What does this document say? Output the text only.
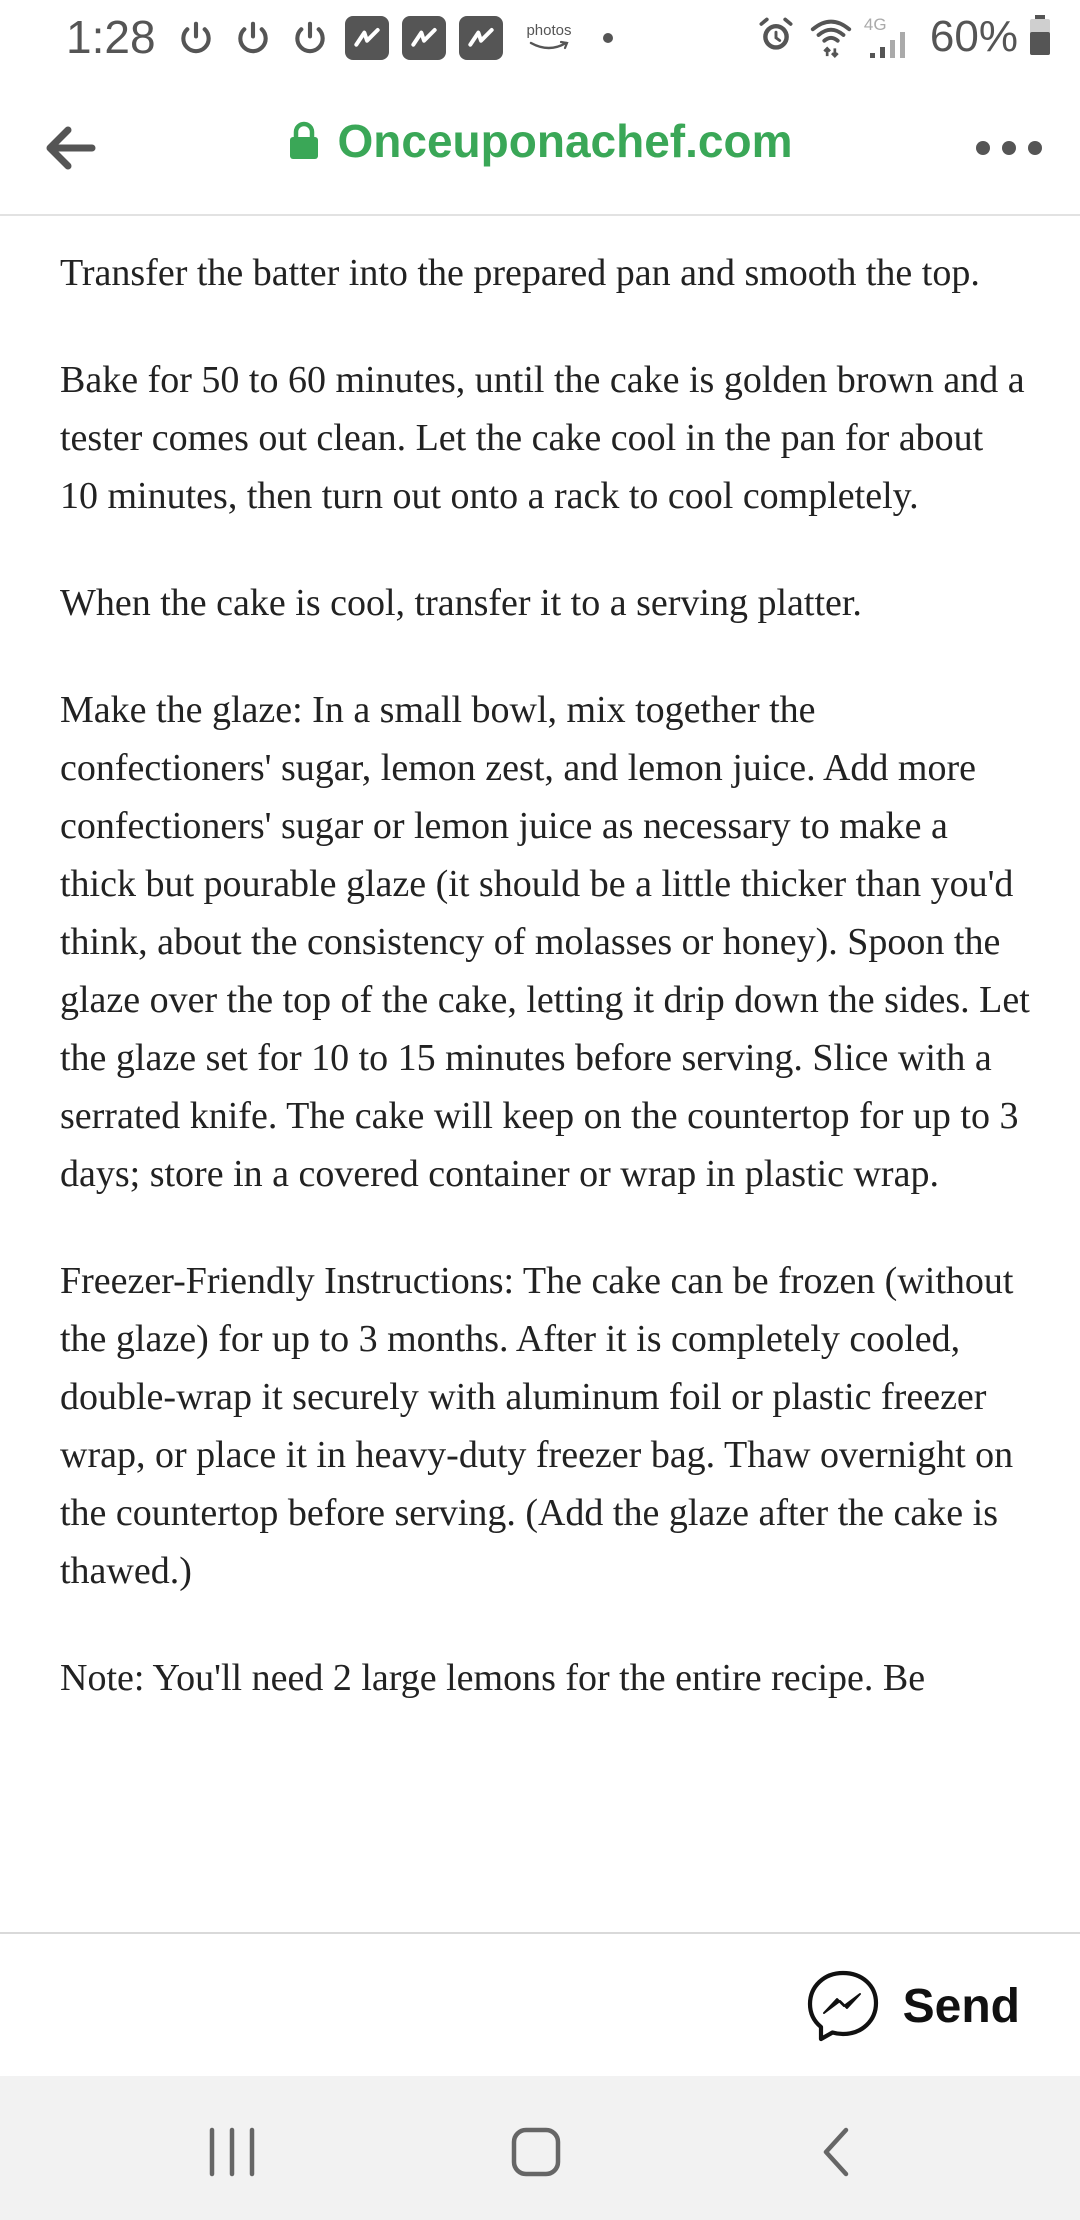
1:28	photos	4G 60%
Onceuponachef.com

Transfer the batter into the prepared pan and smooth the top.

Bake for 50 to 60 minutes, until the cake is golden brown and a tester comes out clean. Let the cake cool in the pan for about 10 minutes, then turn out onto a rack to cool completely.

When the cake is cool, transfer it to a serving platter.

Make the glaze: In a small bowl, mix together the confectioners' sugar, lemon zest, and lemon juice. Add more confectioners' sugar or lemon juice as necessary to make a thick but pourable glaze (it should be a little thicker than you'd think, about the consistency of molasses or honey). Spoon the glaze over the top of the cake, letting it drip down the sides. Let the glaze set for 10 to 15 minutes before serving. Slice with a serrated knife. The cake will keep on the countertop for up to 3 days; store in a covered container or wrap in plastic wrap.

Freezer-Friendly Instructions: The cake can be frozen (without the glaze) for up to 3 months. After it is completely cooled, double-wrap it securely with aluminum foil or plastic freezer wrap, or place it in heavy-duty freezer bag. Thaw overnight on the countertop before serving. (Add the glaze after the cake is thawed.)

Note: You'll need 2 large lemons for the entire recipe. Be

Send
